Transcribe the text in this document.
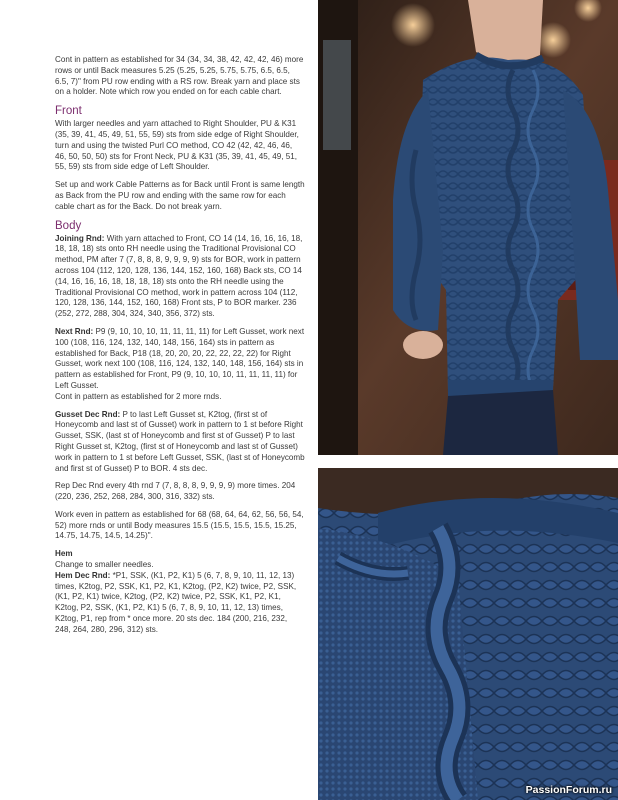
Cont in pattern as established for 34 (34, 34, 38, 42, 42, 42, 46) more rows or until Back measures 5.25 (5.25, 5.25, 5.75, 5.75, 6.5, 6.5, 6.5, 7)" from PU row ending with a RS row. Break yarn and place sts on a holder. Note which row you ended on for each cable chart.

Front

With larger needles and yarn attached to Right Shoulder, PU & K31 (35, 39, 41, 45, 49, 51, 55, 59) sts from side edge of Right Shoulder, turn and using the twisted Purl CO method, CO 42 (42, 42, 46, 46, 46, 50, 50, 50) sts for Front Neck, PU & K31 (35, 39, 41, 45, 49, 51, 55, 59) sts from side edge of Left Shoulder.

Set up and work Cable Patterns as for Back until Front is same length as Back from the PU row and ending with the same row for each cable chart as for the Back. Do not break yarn.

Body

Joining Rnd: With yarn attached to Front, CO 14 (14, 16, 16, 16, 18, 18, 18, 18) sts onto RH needle using the Traditional Provisional CO method, PM after 7 (7, 8, 8, 8, 9, 9, 9, 9) sts for BOR, work in pattern across 104 (112, 120, 128, 136, 144, 152, 160, 168) Back sts, CO 14 (14, 16, 16, 16, 18, 18, 18, 18) sts onto the RH needle using the Traditional Provisional CO method, work in pattern across 104 (112, 120, 128, 136, 144, 152, 160, 168) Front sts, P to BOR marker. 236 (252, 272, 288, 304, 324, 340, 356, 372) sts.

Next Rnd: P9 (9, 10, 10, 10, 11, 11, 11, 11) for Left Gusset, work next 100 (108, 116, 124, 132, 140, 148, 156, 164) sts in pattern as established for Back, P18 (18, 20, 20, 20, 22, 22, 22, 22) for Right Gusset, work next 100 (108, 116, 124, 132, 140, 148, 156, 164) sts in pattern as established for Front, P9 (9, 10, 10, 10, 11, 11, 11, 11) for Left Gusset.

Cont in pattern as established for 2 more rnds.

Gusset Dec Rnd: P to last Left Gusset st, K2tog, (first st of Honeycomb and last st of Gusset) work in pattern to 1 st before Right Gusset, SSK, (last st of Honeycomb and first st of Gusset) P to last Right Gusset st, K2tog, (first st of Honeycomb and last st of Gusset) work in pattern to 1 st before Left Gusset, SSK, (last st of Honeycomb and first st of Gusset) P to BOR. 4 sts dec.

Rep Dec Rnd every 4th rnd 7 (7, 8, 8, 8, 9, 9, 9, 9) more times. 204 (220, 236, 252, 268, 284, 300, 316, 332) sts.

Work even in pattern as established for 68 (68, 64, 64, 62, 56, 56, 54, 52) more rnds or until Body measures 15.5 (15.5, 15.5, 15.5, 15.25, 14.75, 14.75, 14.5, 14.25)".

Hem

Change to smaller needles.

Hem Dec Rnd: *P1, SSK, (K1, P2, K1) 5 (6, 7, 8, 9, 10, 11, 12, 13) times, K2tog, P2, SSK, K1, P2, K1, K2tog, (P2, K2) twice, P2, SSK, (K1, P2, K1) twice, K2tog, (P2, K2) twice, P2, SSK, K1, P2, K1, K2tog, P2, SSK, (K1, P2, K1) 5 (6, 7, 8, 9, 10, 11, 12, 13) times, K2tog, P1, rep from * once more. 20 sts dec. 184 (200, 216, 232, 248, 264, 280, 296, 312) sts.

PassionForum.ru
